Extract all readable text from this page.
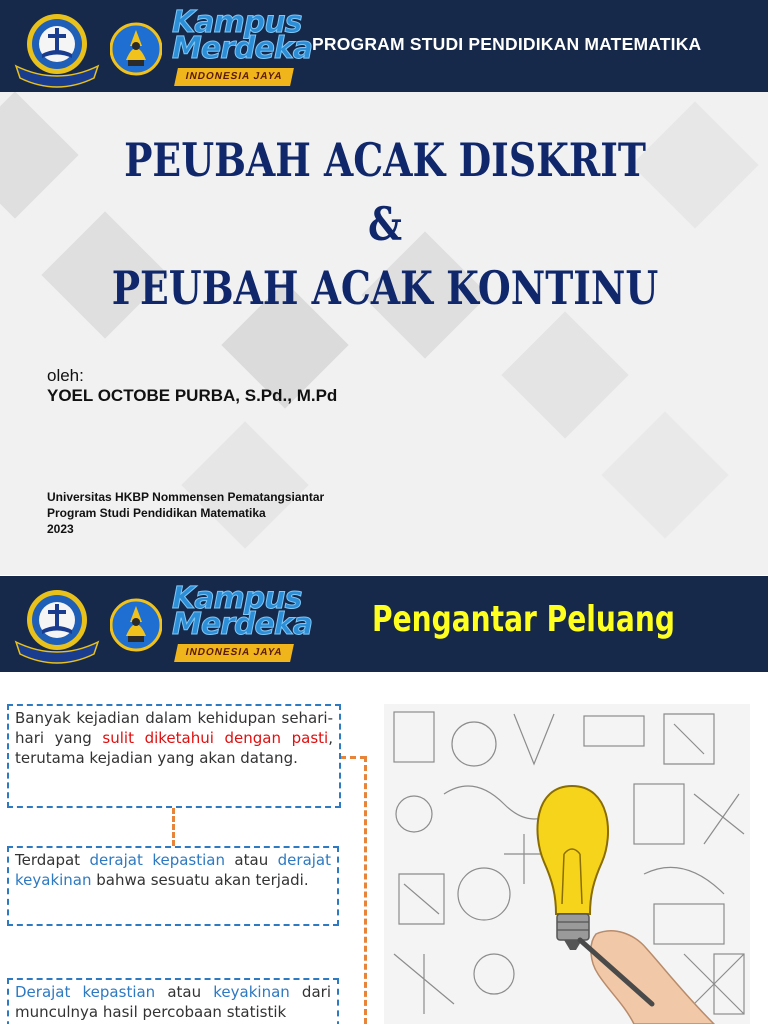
Kampus
Merdeka
INDONESIA JAYA
PROGRAM STUDI PENDIDIKAN MATEMATIKA
PEUBAH ACAK DISKRIT &
PEUBAH ACAK KONTINU
oleh:
YOEL OCTOBE PURBA, S.Pd., M.Pd
Universitas HKBP Nommensen Pematangsiantar
Program Studi Pendidikan Matematika
2023
Kampus
Merdeka
INDONESIA JAYA
Pengantar Peluang
Banyak kejadian dalam kehidupan sehari-hari yang sulit diketahui dengan pasti, terutama kejadian yang akan datang.
Terdapat derajat kepastian atau derajat keyakinan bahwa sesuatu akan terjadi.
Derajat kepastian atau keyakinan dari munculnya hasil percobaan statistik
